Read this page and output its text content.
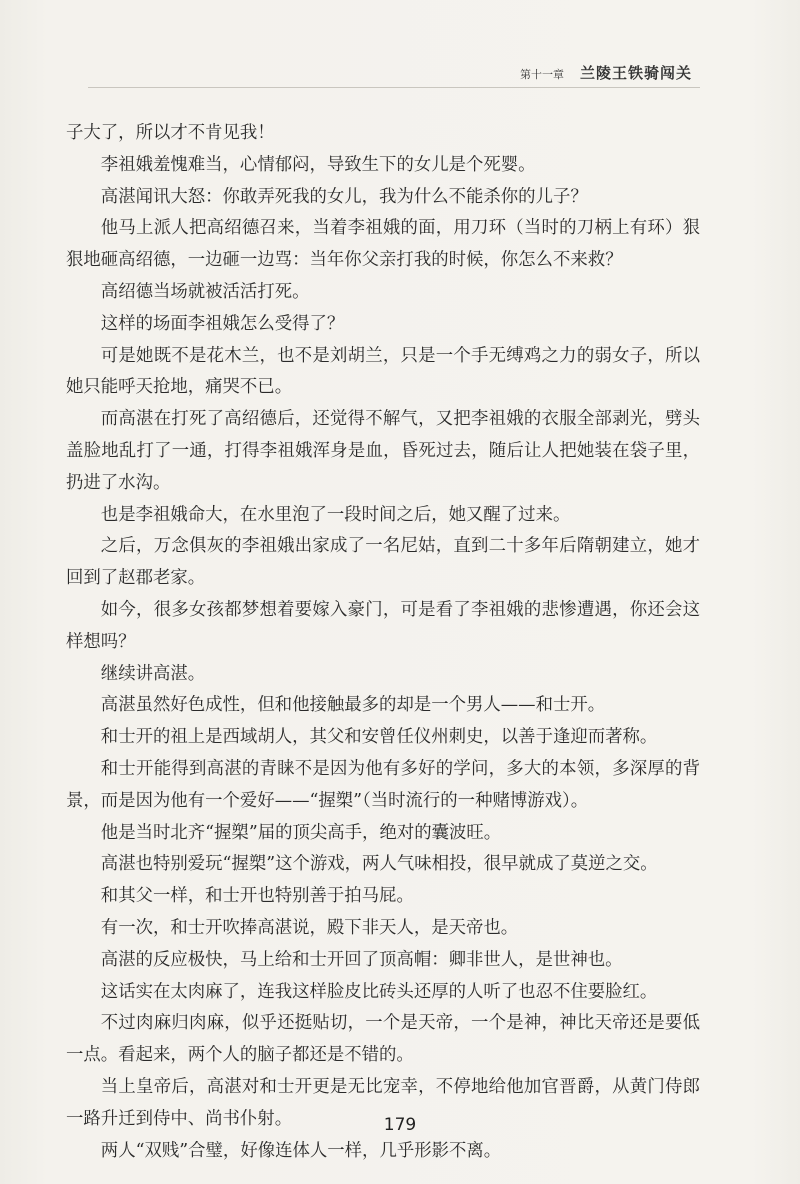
第十一章 兰陵王铁骑闯关

子大了，所以才不肯见我！

李祖娥羞愧难当，心情郁闷，导致生下的女儿是个死婴。

高湛闻讯大怒：你敢弄死我的女儿，我为什么不能杀你的儿子？

他马上派人把高绍德召来，当着李祖娥的面，用刀环（当时的刀柄上有环）狠狠地砸高绍德，一边砸一边骂：当年你父亲打我的时候，你怎么不来救？

高绍德当场就被活活打死。

这样的场面李祖娥怎么受得了？

可是她既不是花木兰，也不是刘胡兰，只是一个手无缚鸡之力的弱女子，所以她只能呼天抢地，痛哭不已。

而高湛在打死了高绍德后，还觉得不解气，又把李祖娥的衣服全部剥光，劈头盖脸地乱打了一通，打得李祖娥浑身是血，昏死过去，随后让人把她装在袋子里，扔进了水沟。

也是李祖娥命大，在水里泡了一段时间之后，她又醒了过来。

之后，万念俱灰的李祖娥出家成了一名尼姑，直到二十多年后隋朝建立，她才回到了赵郡老家。

如今，很多女孩都梦想着要嫁入豪门，可是看了李祖娥的悲惨遭遇，你还会这样想吗？

继续讲高湛。

高湛虽然好色成性，但和他接触最多的却是一个男人——和士开。

和士开的祖上是西域胡人，其父和安曾任仪州刺史，以善于逢迎而著称。

和士开能得到高湛的青睐不是因为他有多好的学问，多大的本领，多深厚的背景，而是因为他有一个爱好——“握槊”（当时流行的一种赌博游戏）。

他是当时北齐“握槊”届的顶尖高手，绝对的囊波旺。

高湛也特别爱玩“握槊”这个游戏，两人气味相投，很早就成了莫逆之交。

和其父一样，和士开也特别善于拍马屁。

有一次，和士开吹捧高湛说，殿下非天人，是天帝也。

高湛的反应极快，马上给和士开回了顶高帽：卿非世人，是世神也。

这话实在太肉麻了，连我这样脸皮比砖头还厚的人听了也忍不住要脸红。

不过肉麻归肉麻，似乎还挺贴切，一个是天帝，一个是神，神比天帝还是要低一点。看起来，两个人的脑子都还是不错的。

当上皇帝后，高湛对和士开更是无比宠幸，不停地给他加官晋爵，从黄门侍郎一路升迁到侍中、尚书仆射。

两人“双贱”合璧，好像连体人一样，几乎形影不离。

179
